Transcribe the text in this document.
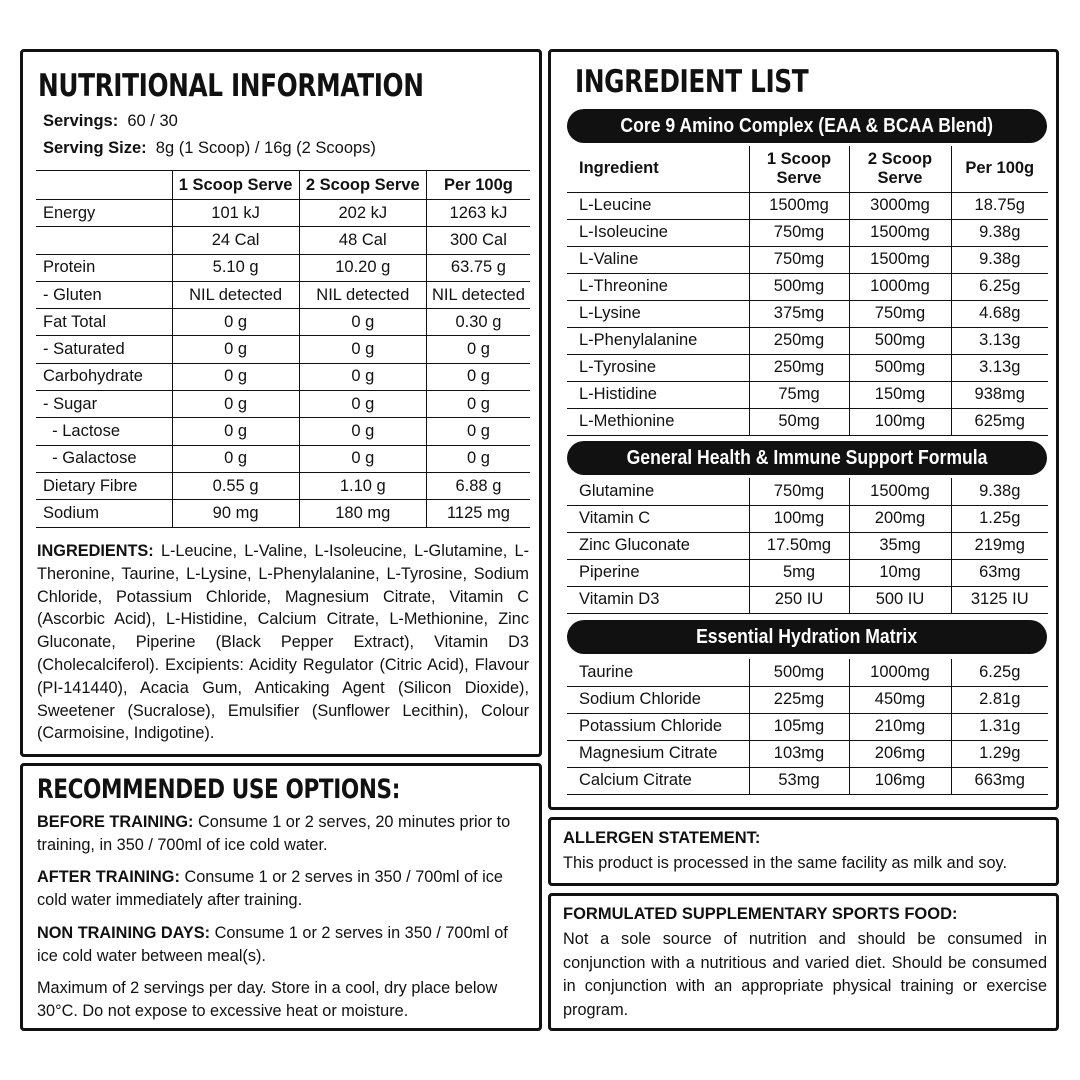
NUTRITIONAL INFORMATION
Servings: 60 / 30
Serving Size: 8g (1 Scoop) / 16g (2 Scoops)
	1 Scoop Serve	2 Scoop Serve	Per 100g
Energy	101 kJ	202 kJ	1263 kJ
	24 Cal	48 Cal	300 Cal
Protein	5.10 g	10.20 g	63.75 g
- Gluten	NIL detected	NIL detected	NIL detected
Fat Total	0 g	0 g	0.30 g
- Saturated	0 g	0 g	0 g
Carbohydrate	0 g	0 g	0 g
- Sugar	0 g	0 g	0 g
- Lactose	0 g	0 g	0 g
- Galactose	0 g	0 g	0 g
Dietary Fibre	0.55 g	1.10 g	6.88 g
Sodium	90 mg	180 mg	1125 mg
INGREDIENTS: L-Leucine, L-Valine, L-Isoleucine, L-Glutamine, L-Theronine, Taurine, L-Lysine, L-Phenylalanine, L-Tyrosine, Sodium Chloride, Potassium Chloride, Magnesium Citrate, Vitamin C (Ascorbic Acid), L-Histidine, Calcium Citrate, L-Methionine, Zinc Gluconate, Piperine (Black Pepper Extract), Vitamin D3 (Cholecalciferol). Excipients: Acidity Regulator (Citric Acid), Flavour (PI-141440), Acacia Gum, Anticaking Agent (Silicon Dioxide), Sweetener (Sucralose), Emulsifier (Sunflower Lecithin), Colour (Carmoisine, Indigotine).
RECOMMENDED USE OPTIONS:
BEFORE TRAINING: Consume 1 or 2 serves, 20 minutes prior to training, in 350 / 700ml of ice cold water.
AFTER TRAINING: Consume 1 or 2 serves in 350 / 700ml of ice cold water immediately after training.
NON TRAINING DAYS: Consume 1 or 2 serves in 350 / 700ml of ice cold water between meal(s).
Maximum of 2 servings per day. Store in a cool, dry place below 30°C. Do not expose to excessive heat or moisture.
INGREDIENT LIST
Core 9 Amino Complex (EAA & BCAA Blend)
Ingredient	1 Scoop Serve	2 Scoop Serve	Per 100g
L-Leucine	1500mg	3000mg	18.75g
L-Isoleucine	750mg	1500mg	9.38g
L-Valine	750mg	1500mg	9.38g
L-Threonine	500mg	1000mg	6.25g
L-Lysine	375mg	750mg	4.68g
L-Phenylalanine	250mg	500mg	3.13g
L-Tyrosine	250mg	500mg	3.13g
L-Histidine	75mg	150mg	938mg
L-Methionine	50mg	100mg	625mg
General Health & Immune Support Formula
Glutamine	750mg	1500mg	9.38g
Vitamin C	100mg	200mg	1.25g
Zinc Gluconate	17.50mg	35mg	219mg
Piperine	5mg	10mg	63mg
Vitamin D3	250 IU	500 IU	3125 IU
Essential Hydration Matrix
Taurine	500mg	1000mg	6.25g
Sodium Chloride	225mg	450mg	2.81g
Potassium Chloride	105mg	210mg	1.31g
Magnesium Citrate	103mg	206mg	1.29g
Calcium Citrate	53mg	106mg	663mg
ALLERGEN STATEMENT:
This product is processed in the same facility as milk and soy.
FORMULATED SUPPLEMENTARY SPORTS FOOD:
Not a sole source of nutrition and should be consumed in conjunction with a nutritious and varied diet. Should be consumed in conjunction with an appropriate physical training or exercise program.
